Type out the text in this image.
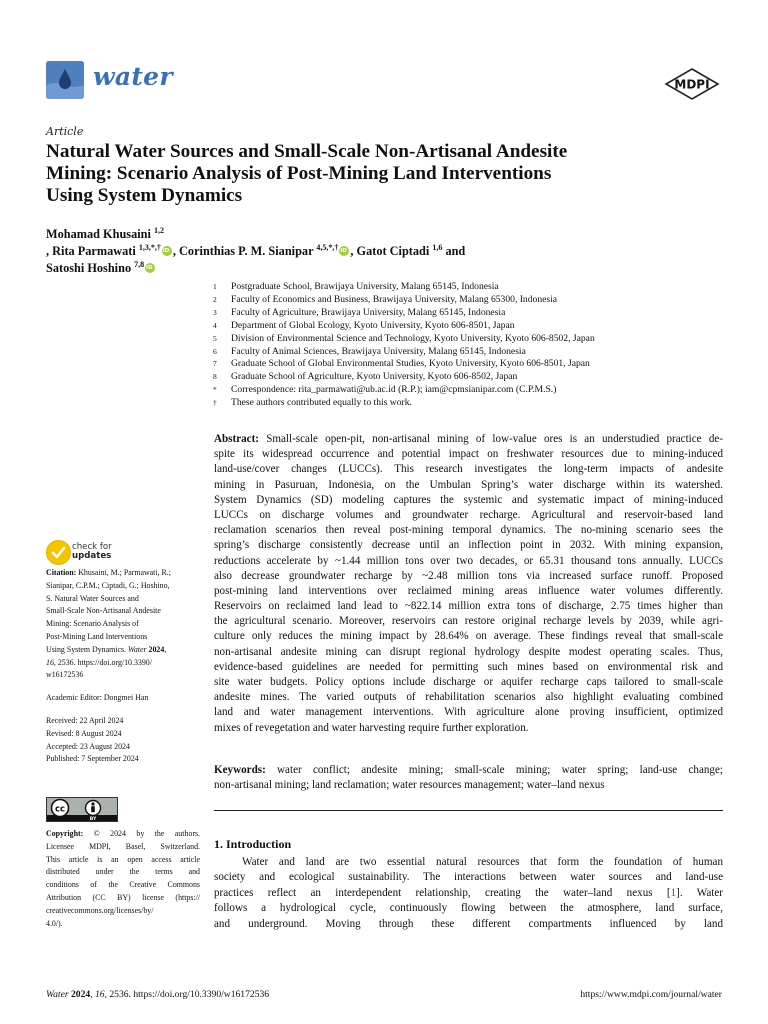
water	MDPI
Article
Natural Water Sources and Small-Scale Non-Artisanal Andesite
Mining: Scenario Analysis of Post-Mining Land Interventions
Using System Dynamics
Mohamad Khusaini $^{1,2}$
, Rita Parmawati $^{1,3,*,\dagger}$ iD , Corinthias P. M. Sianipar $^{4,5,*,\dagger}$ iD , Gatot Ciptadi $^{1,6}$ and
Satoshi Hoshino $^{7,8}$iD
1	Postgraduate School, Brawijaya University, Malang 65145, Indonesia
2	Faculty of Economics and Business, Brawijaya University, Malang 65300, Indonesia
3	Faculty of Agriculture, Brawijaya University, Malang 65145, Indonesia
4	Department of Global Ecology, Kyoto University, Kyoto 606-8501, Japan
5	Division of Environmental Science and Technology, Kyoto University, Kyoto 606-8502, Japan
6	Faculty of Animal Sciences, Brawijaya University, Malang 65145, Indonesia
7	Graduate School of Global Environmental Studies, Kyoto University, Kyoto 606-8501, Japan
8	Graduate School of Agriculture, Kyoto University, Kyoto 606-8502, Japan
*	Correspondence: rita_parmawati@ub.ac.id (R.P.); iam@cpmsianipar.com (C.P.M.S.)
†	These authors contributed equally to this work.
Abstract: Small-scale open-pit, non-artisanal mining of low-value ores is an understudied practice de-
spite its widespread occurrence and potential impact on freshwater resources due to mining-induced
land-use/cover changes (LUCCs). This research investigates the long-term impacts of andesite
mining in Pasuruan, Indonesia, on the Umbulan Spring’s water discharge within its watershed.
System Dynamics (SD) modeling captures the systemic and systematic impact of mining-induced
LUCCs on discharge volumes and groundwater recharge. Agricultural and reservoir-based land
reclamation scenarios then reveal post-mining temporal dynamics. The no-mining scenario sees the
spring’s discharge consistently decrease until an inflection point in 2032. With mining expansion,
reductions accelerate by ~1.44 million tons over two decades, or 65.31 thousand tons annually. LUCCs
also decrease groundwater recharge by ~2.48 million tons via increased surface runoff. Proposed
post-mining land interventions over reclaimed mining areas influence water volumes differently.
Reservoirs on reclaimed land lead to ~822.14 million extra tons of discharge, 2.75 times higher than
the agricultural scenario. Moreover, reservoirs can restore original recharge levels by 2039, while agri-
culture only reduces the mining impact by 28.64% on average. These findings reveal that small-scale
non-artisanal andesite mining can disrupt regional hydrology despite modest operating scales. Thus,
evidence-based guidelines are needed for permitting such mines based on environmental risk and
site water budgets. Policy options include discharge or aquifer recharge caps tailored to small-scale
andesite mines. The varied outputs of rehabilitation scenarios also highlight evaluating combined
land and water management interventions. With agriculture alone proving insufficient, optimized
mixes of revegetation and water harvesting require further exploration.
Keywords: water conflict; andesite mining; small-scale mining; water spring; land-use change;
non-artisanal mining; land reclamation; water resources management; water–land nexus
1. Introduction
Water and land are two essential natural resources that form the foundation of human
society and ecological sustainability. The interactions between water sources and land-use
practices reflect an interdependent relationship, creating the water–land nexus [1]. Water
follows a hydrological cycle, continuously flowing between the atmosphere, land surface,
and underground. Moving through these different compartments influenced by land
check for
updates
Citation: Khusaini, M.; Parmawati, R.;
Sianipar, C.P.M.; Ciptadi, G.; Hoshino,
S. Natural Water Sources and
Small-Scale Non-Artisanal Andesite
Mining: Scenario Analysis of
Post-Mining Land Interventions
Using System Dynamics. Water 2024,
16, 2536. https://doi.org/10.3390/
w16172536
Academic Editor: Dongmei Han
Received: 22 April 2024
Revised: 8 August 2024
Accepted: 23 August 2024
Published: 7 September 2024
cc
BY
Copyright: © 2024 by the authors.
Licensee MDPI, Basel, Switzerland.
This article is an open access article
distributed under the terms and
conditions of the Creative Commons
Attribution (CC BY) license (https://
creativecommons.org/licenses/by/
4.0/).
Water 2024, 16, 2536. https://doi.org/10.3390/w16172536	https://www.mdpi.com/journal/water
